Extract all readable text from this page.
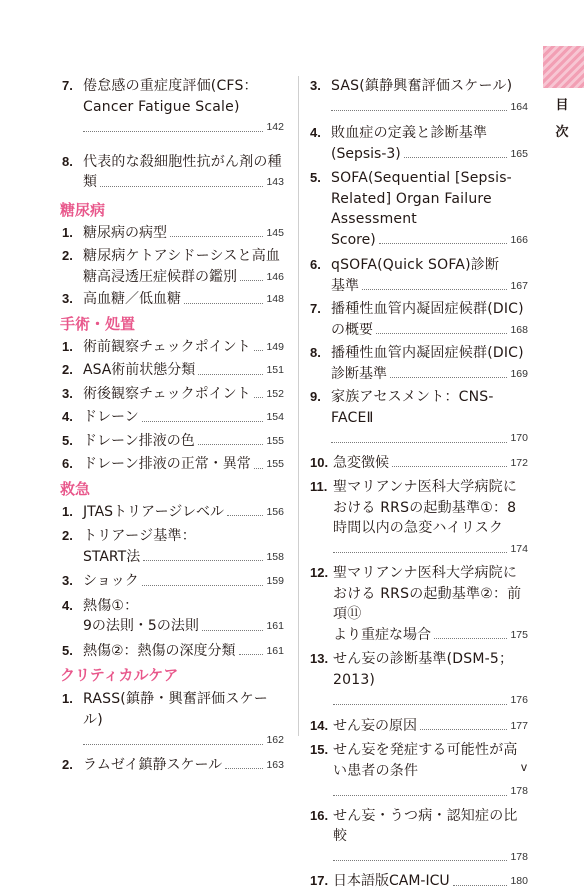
目
次
7. 倦怠感の重症度評価(CFS：Cancer Fatigue Scale)
142
8. 代表的な殺細胞性抗がん剤の種
類	143
糖尿病
1. 糖尿病の病型	145
2. 糖尿病ケトアシドーシスと高血
糖高浸透圧症候群の鑑別	146
3. 高血糖／低血糖	148
手術・処置
1. 術前観察チェックポイント 149
2. ASA術前状態分類	151
3. 術後観察チェックポイント 152
4. ドレーン	154
5. ドレーン排液の色	155
6. ドレーン排液の正常・異常 155
救急
1. JTASトリアージレベル	156
2. トリアージ基準：
START法	158
3. ショック	159
4. 熱傷①：
9の法則・5の法則	161
5. 熱傷②：熱傷の深度分類	161
クリティカルケア
1. RASS(鎮静・興奮評価スケール)
162
2. ラムゼイ鎮静スケール	163
3. SAS(鎮静興奮評価スケール)
164
4. 敗血症の定義と診断基準
(Sepsis-3)	165
5. SOFA(Sequential [Sepsis-Related] Organ Failure Assessment
Score)	166
6. qSOFA(Quick SOFA)診断
基準	167
7. 播種性血管内凝固症候群(DIC)
の概要	168
8. 播種性血管内凝固症候群(DIC)
診断基準	169
9. 家族アセスメント：CNS-FACEⅡ
170
10. 急変徴候	172
11. 聖マリアンナ医科大学病院における RRSの起動基準①：8時間以内の急変ハイリスク
174
12. 聖マリアンナ医科大学病院における RRSの起動基準②：前項⑪
より重症な場合	175
13. せん妄の診断基準(DSM-5；2013)
176
14. せん妄の原因	177
15. せん妄を発症する可能性が高い患者の条件
178
16. せん妄・うつ病・認知症の比較
178
17. 日本語版CAM-ICU	180
v
